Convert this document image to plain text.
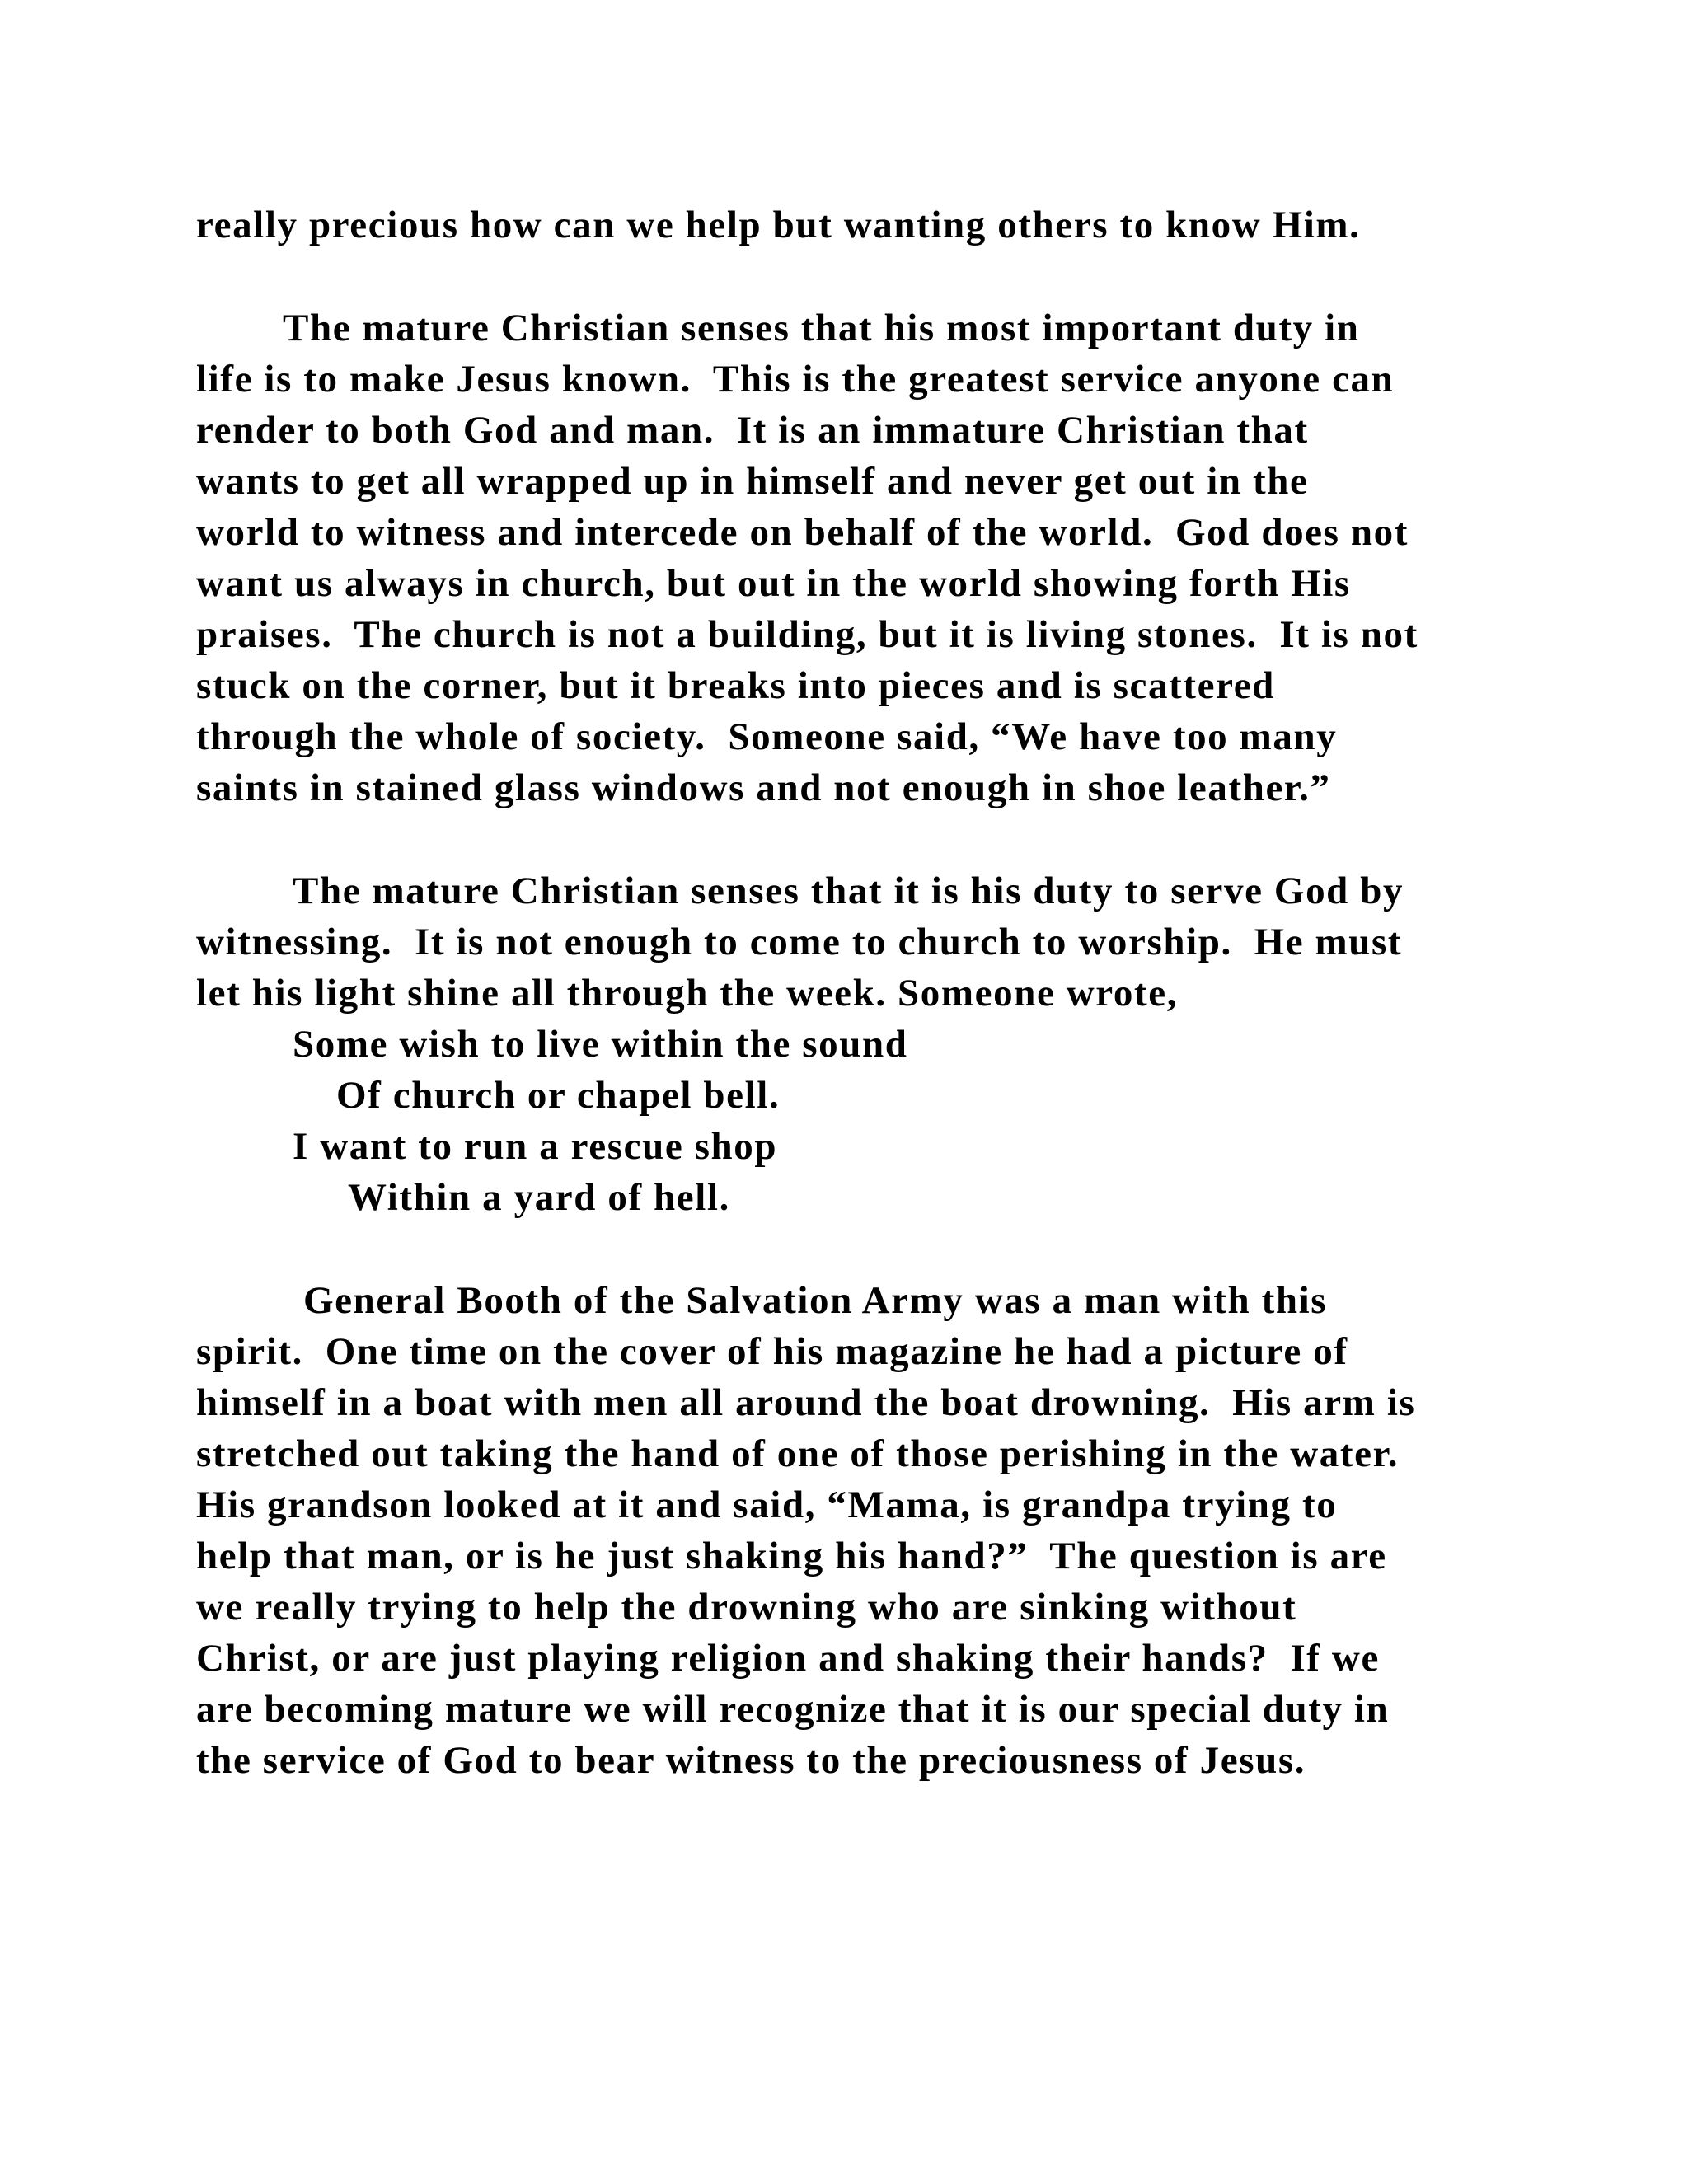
really precious how can we help but wanting others to know Him.

The mature Christian senses that his most important duty in

life is to make Jesus known.  This is the greatest service anyone can

render to both God and man.  It is an immature Christian that

wants to get all wrapped up in himself and never get out in the

world to witness and intercede on behalf of the world.  God does not

want us always in church, but out in the world showing forth His

praises.  The church is not a building, but it is living stones.  It is not

stuck on the corner, but it breaks into pieces and is scattered

through the whole of society.  Someone said, “We have too many

saints in stained glass windows and not enough in shoe leather.”

The mature Christian senses that it is his duty to serve God by

witnessing.  It is not enough to come to church to worship.  He must

let his light shine all through the week. Someone wrote,

Some wish to live within the sound

Of church or chapel bell.

I want to run a rescue shop

Within a yard of hell.

General Booth of the Salvation Army was a man with this

spirit.  One time on the cover of his magazine he had a picture of

himself in a boat with men all around the boat drowning.  His arm is

stretched out taking the hand of one of those perishing in the water.

His grandson looked at it and said, “Mama, is grandpa trying to

help that man, or is he just shaking his hand?”  The question is are

we really trying to help the drowning who are sinking without

Christ, or are just playing religion and shaking their hands?  If we

are becoming mature we will recognize that it is our special duty in

the service of God to bear witness to the preciousness of Jesus.
